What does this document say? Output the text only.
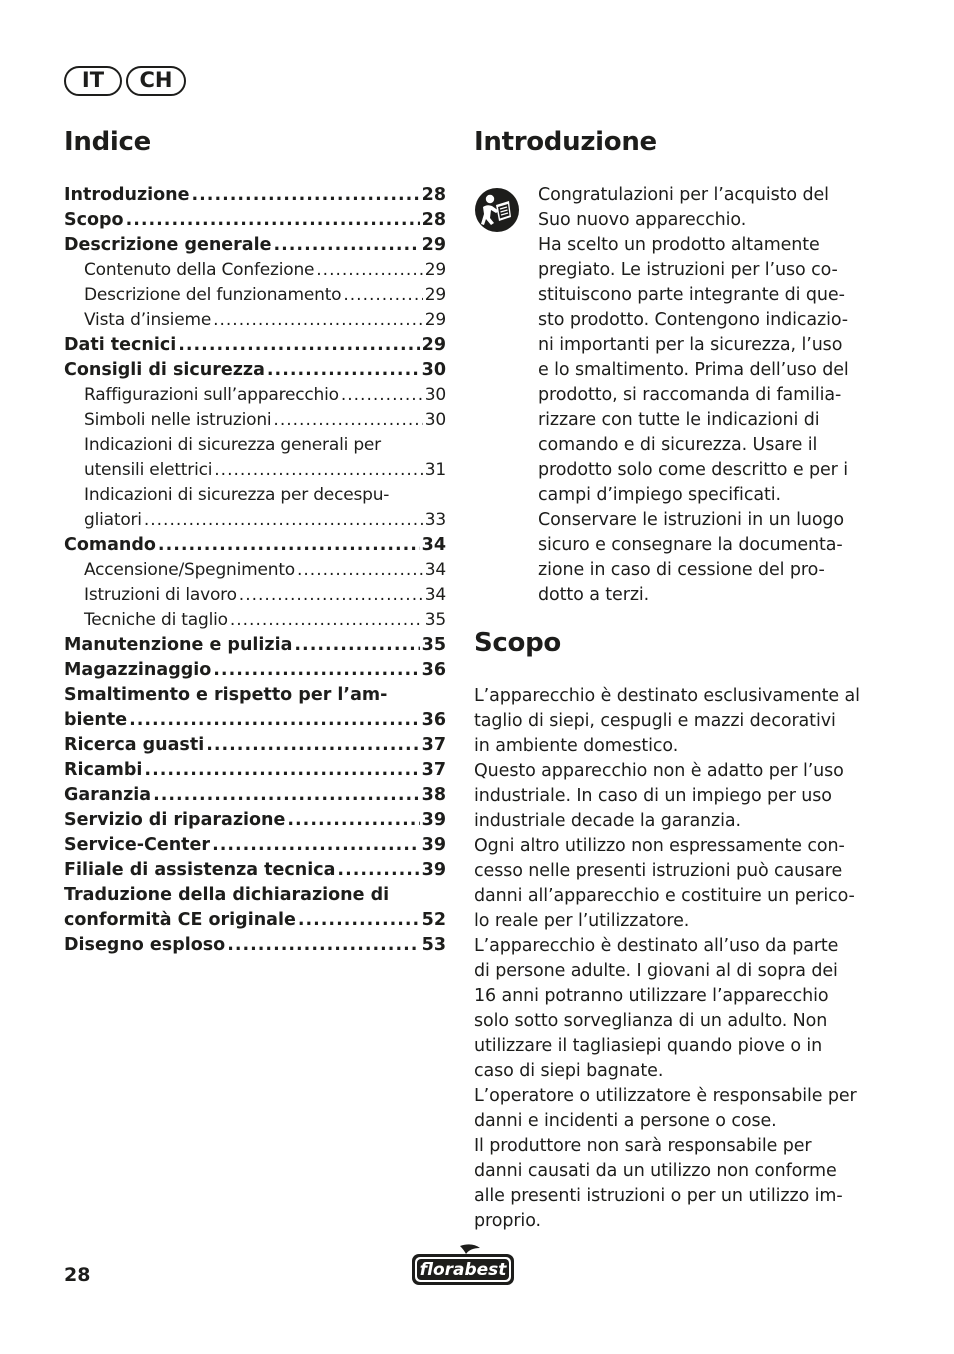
IT	CH
Indice
Introduzione .....	28
Scopo .....	28
Descrizione generale .....	29
Contenuto della Confezione .....	29
Descrizione del funzionamento .....	29
Vista d’insieme .....	29
Dati tecnici .....	29
Consigli di sicurezza .....	30
Raffigurazioni sull’apparecchio .....	30
Simboli nelle istruzioni .....	30
Indicazioni di sicurezza generali per
utensili elettrici .....	31
Indicazioni di sicurezza per decespu-
gliatori .....	33
Comando .....	34
Accensione/Spegnimento .....	34
Istruzioni di lavoro .....	34
Tecniche di taglio .....	35
Manutenzione e pulizia .....	35
Magazzinaggio .....	36
Smaltimento e rispetto per l’am-
biente .....	36
Ricerca guasti .....	37
Ricambi .....	37
Garanzia .....	38
Servizio di riparazione .....	39
Service-Center .....	39
Filiale di assistenza tecnica .....	39
Traduzione della dichiarazione di
conformità CE originale .....	52
Disegno esploso .....	53
Introduzione

Congratulazioni per l’acquisto del

Suo nuovo apparecchio.

Ha scelto un prodotto altamente

pregiato. Le istruzioni per l’uso co-

stituiscono parte integrante di que-

sto prodotto. Contengono indicazio-

ni importanti per la sicurezza, l’uso

e lo smaltimento. Prima dell’uso del

prodotto, si raccomanda di familia-

rizzare con tutte le indicazioni di

comando e di sicurezza. Usare il

prodotto solo come descritto e per i

campi d’impiego specificati.

Conservare le istruzioni in un luogo

sicuro e consegnare la documenta-

zione in caso di cessione del pro-

dotto a terzi.

Scopo

L’apparecchio è destinato esclusivamente al

taglio di siepi, cespugli e mazzi decorativi

in ambiente domestico.

Questo apparecchio non è adatto per l’uso

industriale. In caso di un impiego per uso

industriale decade la garanzia.

Ogni altro utilizzo non espressamente con-

cesso nelle presenti istruzioni può causare

danni all’apparecchio e costituire un perico-

lo reale per l’utilizzatore.

L’apparecchio è destinato all’uso da parte

di persone adulte. I giovani al di sopra dei

16 anni potranno utilizzare l’apparecchio

solo sotto sorveglianza di un adulto. Non

utilizzare il tagliasiepi quando piove o in

caso di siepi bagnate.

L’operatore o utilizzatore è responsabile per

danni e incidenti a persone o cose.

Il produttore non sarà responsabile per

danni causati da un utilizzo non conforme

alle presenti istruzioni o per un utilizzo im-

proprio.

28	florabest
